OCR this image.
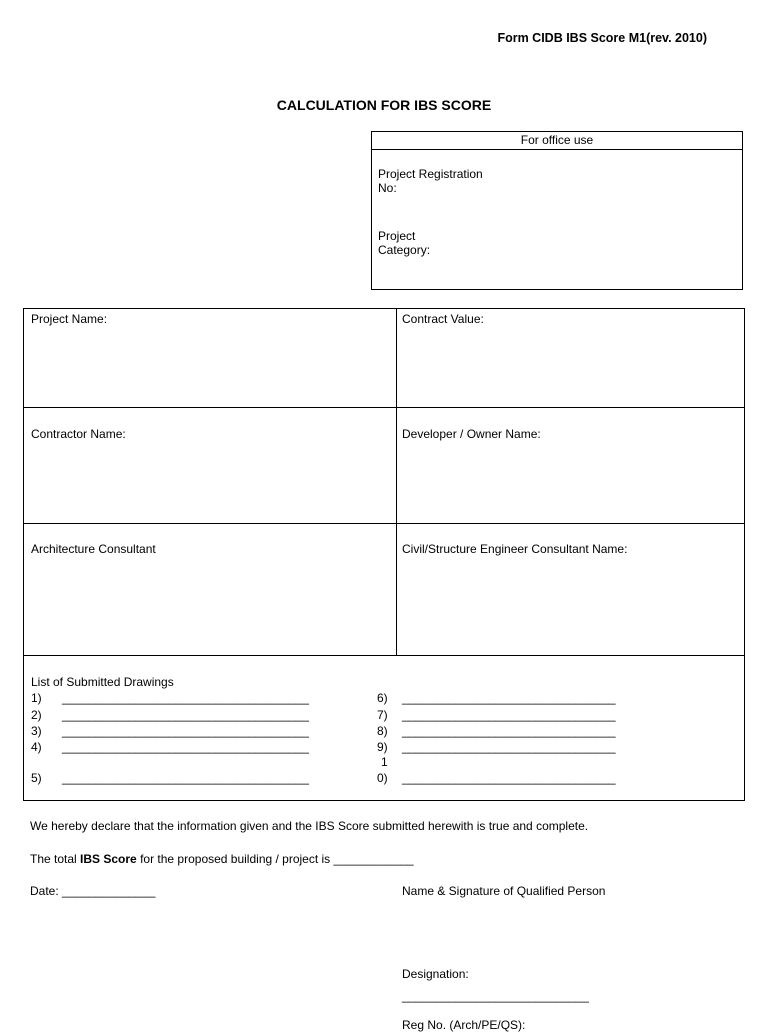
Form CIDB IBS Score M1(rev. 2010)
CALCULATION FOR IBS SCORE
For office use
Project Registration
No:
Project
Category:
Project Name:	Contract Value:
Contractor Name:	Developer / Owner Name:
Architecture Consultant	Civil/Structure Engineer Consultant Name:
List of Submitted Drawings
1) _____________________________________
2) _____________________________________
3) _____________________________________
4) _____________________________________
5) _____________________________________
6) ________________________________
7) ________________________________
8) ________________________________
9) ________________________________
1
0) ________________________________
We hereby declare that the information given and the IBS Score submitted herewith is true and complete.
The total IBS Score for the proposed building / project is ____________
Date: ______________	Name & Signature of Qualified Person
Designation:
____________________________
Reg No. (Arch/PE/QS):
